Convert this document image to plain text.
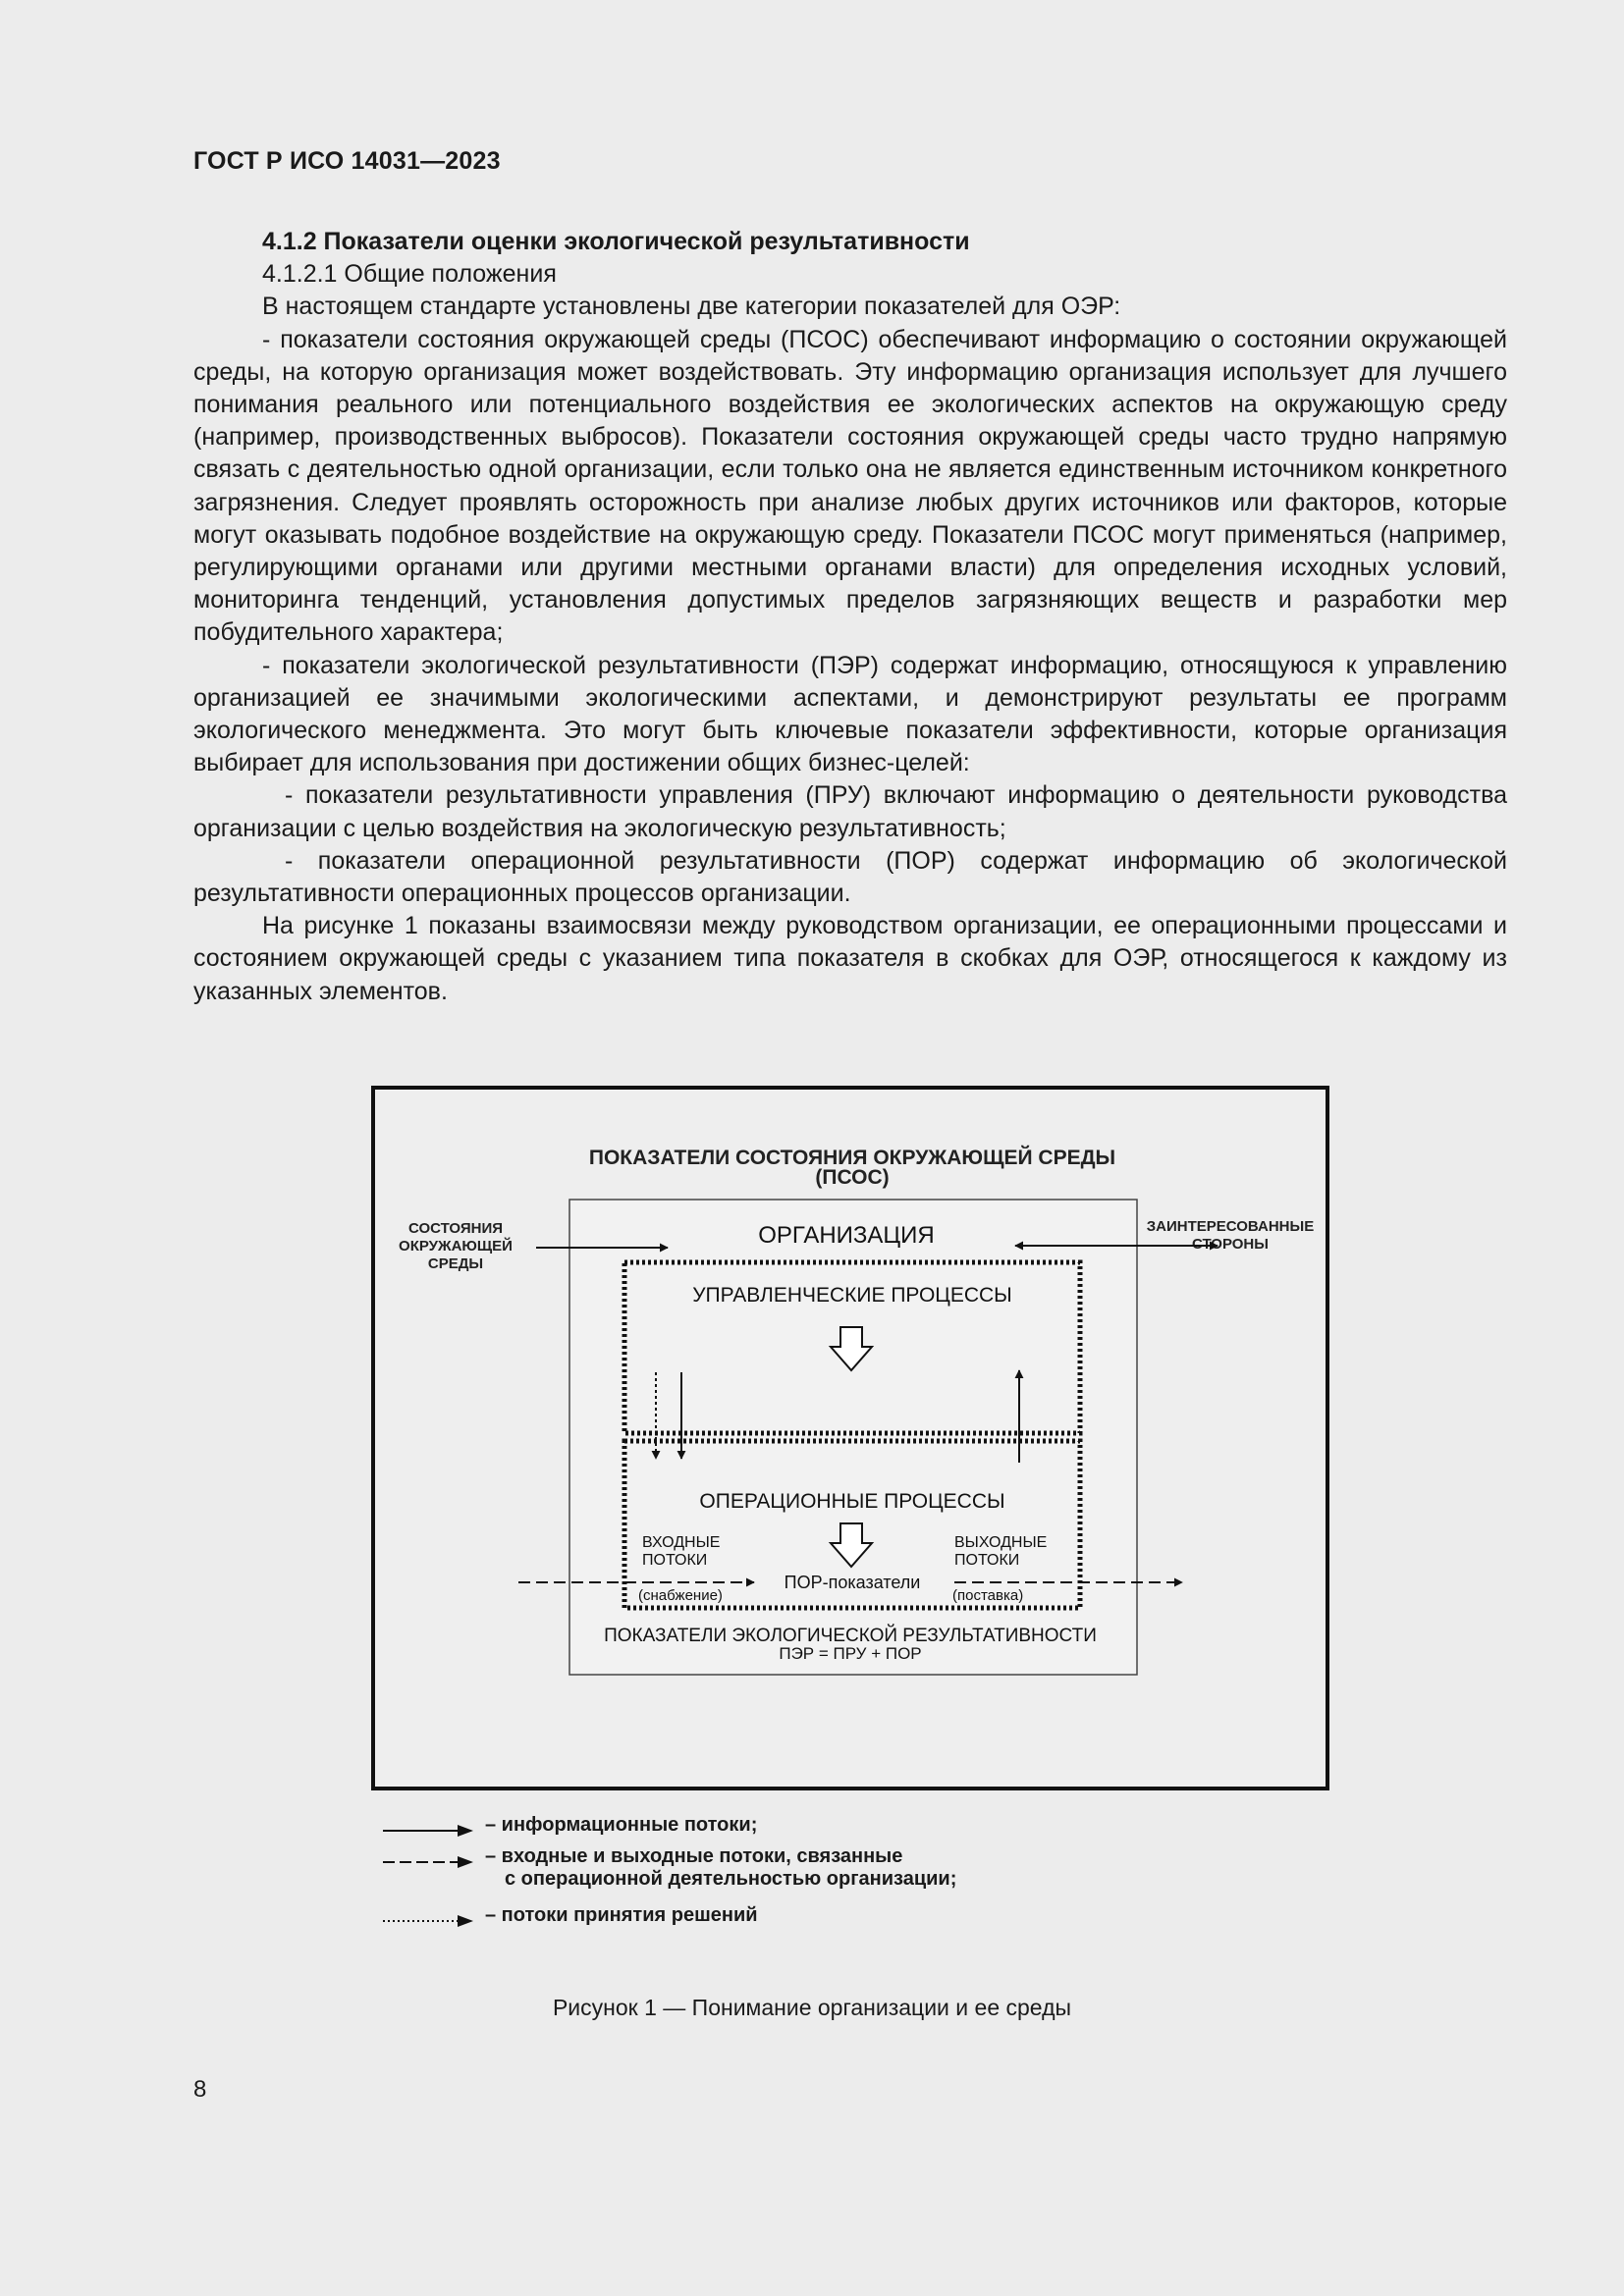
ГОСТ Р ИСО 14031—2023

4.1.2 Показатели оценки экологической результативности

4.1.2.1 Общие положения

В настоящем стандарте установлены две категории показателей для ОЭР:

- показатели состояния окружающей среды (ПСОС) обеспечивают информацию о состоянии окружающей среды, на которую организация может воздействовать. Эту информацию организация использует для лучшего понимания реального или потенциального воздействия ее экологических аспектов на окружающую среду (например, производственных выбросов). Показатели состояния окружающей среды часто трудно напрямую связать с деятельностью одной организации, если только она не является единственным источником конкретного загрязнения. Следует проявлять осторожность при анализе любых других источников или факторов, которые могут оказывать подобное воздействие на окружающую среду. Показатели ПСОС могут применяться (например, регулирующими органами или другими местными органами власти) для определения исходных условий, мониторинга тенденций, установления допустимых пределов загрязняющих веществ и разработки мер побудительного характера;

- показатели экологической результативности (ПЭР) содержат информацию, относящуюся к управлению организацией ее значимыми экологическими аспектами, и демонстрируют результаты ее программ экологического менеджмента. Это могут быть ключевые показатели эффективности, которые организация выбирает для использования при достижении общих бизнес-целей:

- показатели результативности управления (ПРУ) включают информацию о деятельности руководства организации с целью воздействия на экологическую результативность;

- показатели операционной результативности (ПОР) содержат информацию об экологической результативности операционных процессов организации.

На рисунке 1 показаны взаимосвязи между руководством организации, ее операционными процессами и состоянием окружающей среды с указанием типа показателя в скобках для ОЭР, относящегося к каждому из указанных элементов.

ПОКАЗАТЕЛИ СОСТОЯНИЯ ОКРУЖАЮЩЕЙ СРЕДЫ
(ПСОС)
ОРГАНИЗАЦИЯ
СОСТОЯНИЯ
ОКРУЖАЮЩЕЙ
СРЕДЫ
ЗАИНТЕРЕСОВАННЫЕ
СТОРОНЫ
УПРАВЛЕНЧЕСКИЕ ПРОЦЕССЫ
ОПЕРАЦИОННЫЕ ПРОЦЕССЫ
ВХОДНЫЕ
ПОТОКИ
(снабжение)
ВЫХОДНЫЕ
ПОТОКИ
(поставка)
ПОР-показатели
ПОКАЗАТЕЛИ ЭКОЛОГИЧЕСКОЙ РЕЗУЛЬТАТИВНОСТИ
ПЭР = ПРУ + ПОР
– информационные потоки;
– входные и выходные потоки, связанные
с операционной деятельностью организации;
– потоки принятия решений
Рисунок 1 — Понимание организации и ее среды
8
